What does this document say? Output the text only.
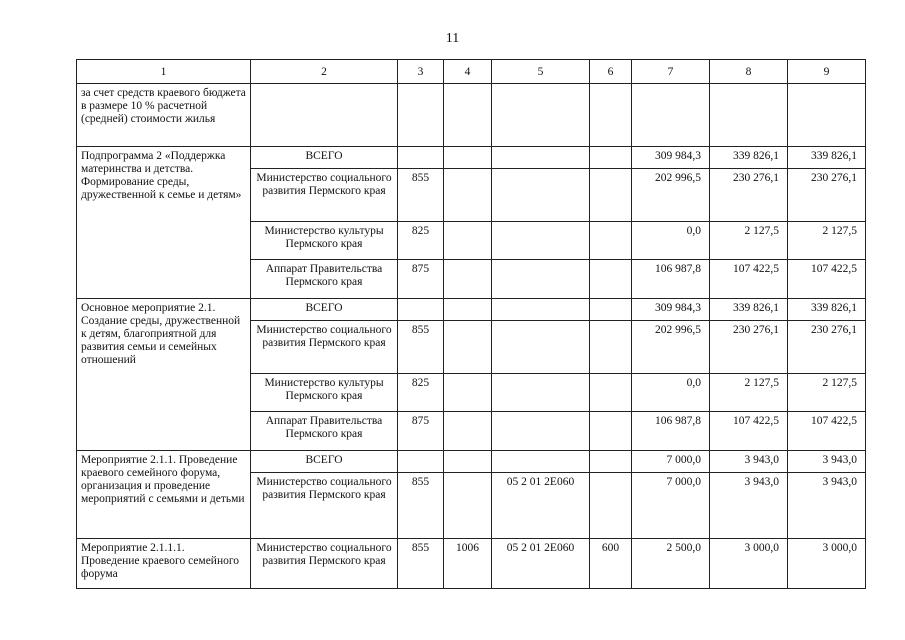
11
1	2	3	4	5	6	7	8	9
за счет средств краевого бюджета в размере 10 % расчетной (средней) стоимости жилья								
Подпрограмма 2 «Поддержка материнства и детства. Формирование среды, дружественной к семье и детям»	ВСЕГО					309 984,3	339 826,1	339 826,1
	Министерство социального развития Пермского края	855				202 996,5	230 276,1	230 276,1
	Министерство культуры Пермского края	825				0,0	2 127,5	2 127,5
	Аппарат Правительства Пермского края	875				106 987,8	107 422,5	107 422,5
Основное мероприятие 2.1. Создание среды, дружественной к детям, благоприятной для развития семьи и семейных отношений	ВСЕГО					309 984,3	339 826,1	339 826,1
	Министерство социального развития Пермского края	855				202 996,5	230 276,1	230 276,1
	Министерство культуры Пермского края	825				0,0	2 127,5	2 127,5
	Аппарат Правительства Пермского края	875				106 987,8	107 422,5	107 422,5
Мероприятие 2.1.1. Проведение краевого семейного форума, организация и проведение мероприятий с семьями и детьми	ВСЕГО					7 000,0	3 943,0	3 943,0
	Министерство социального развития Пермского края	855		05 2 01 2Е060		7 000,0	3 943,0	3 943,0
Мероприятие 2.1.1.1. Проведение краевого семейного форума	Министерство социального развития Пермского края	855	1006	05 2 01 2Е060	600	2 500,0	3 000,0	3 000,0
